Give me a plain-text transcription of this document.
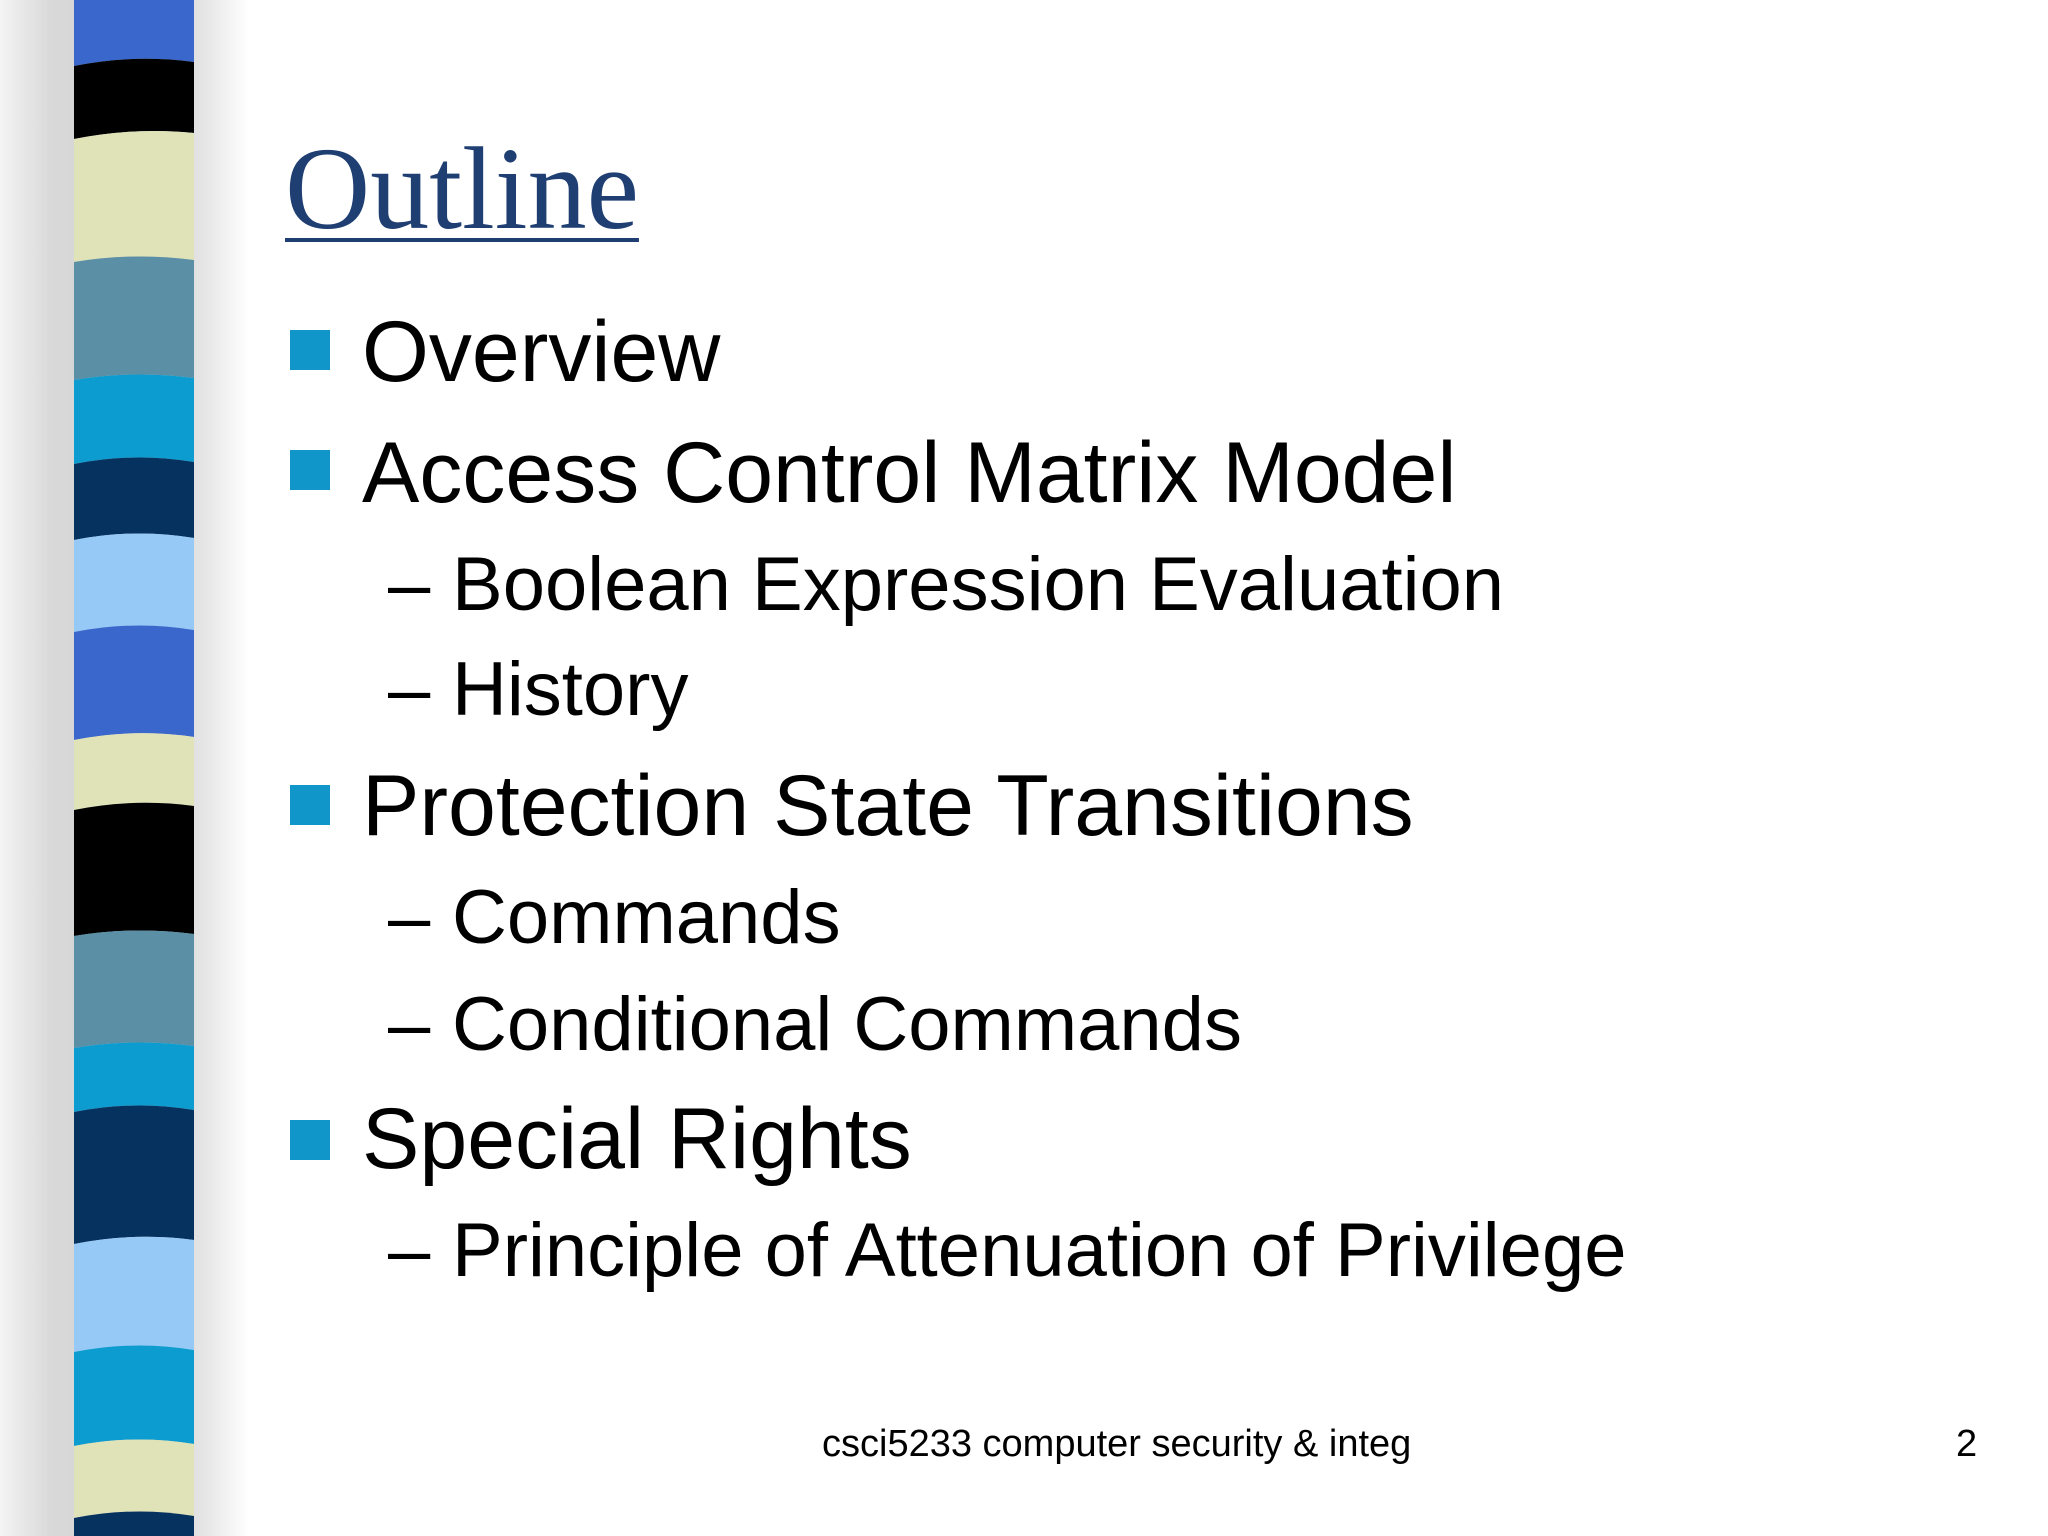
Outline
Overview
Access Control Matrix Model
– Boolean Expression Evaluation
– History
Protection State Transitions
– Commands
– Conditional Commands
Special Rights
– Principle of Attenuation of Privilege
csci5233 computer security & integ	2
